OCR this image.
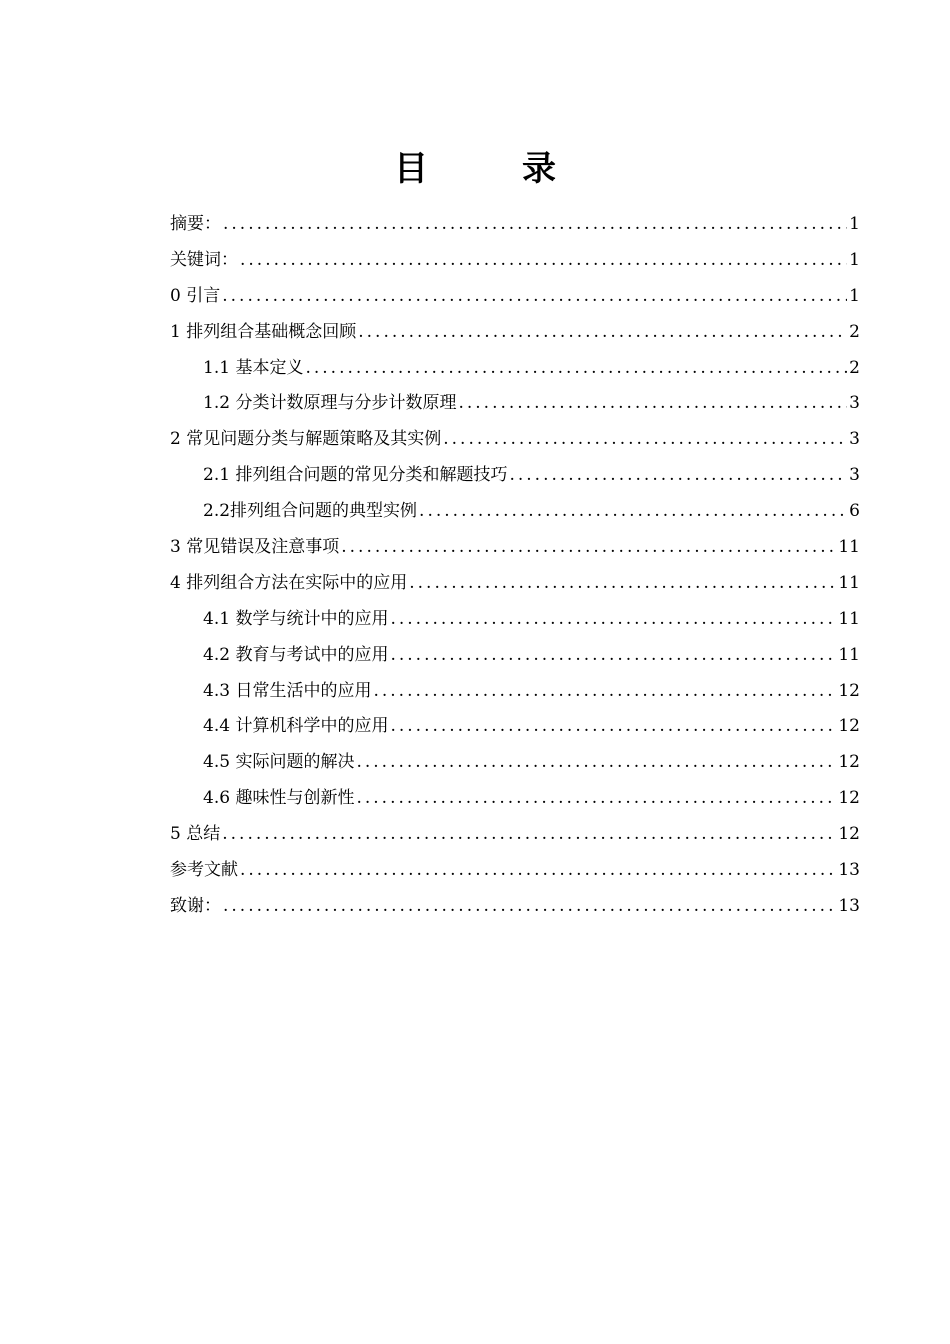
目　录
摘要： .....	1
关键词： .....	1
0 引言 .....	1
1 排列组合基础概念回顾 .....	2
1.1 基本定义 .....	2
1.2 分类计数原理与分步计数原理 .....	3
2 常见问题分类与解题策略及其实例 .....	3
2.1 排列组合问题的常见分类和解题技巧 .....	3
2.2排列组合问题的典型实例 .....	6
3 常见错误及注意事项 .....	11
4 排列组合方法在实际中的应用 .....	11
4.1 数学与统计中的应用 .....	11
4.2 教育与考试中的应用 .....	11
4.3 日常生活中的应用 .....	12
4.4 计算机科学中的应用 .....	12
4.5 实际问题的解决 .....	12
4.6 趣味性与创新性 .....	12
5 总结 .....	12
参考文献 .....	13
致谢： .....	13
